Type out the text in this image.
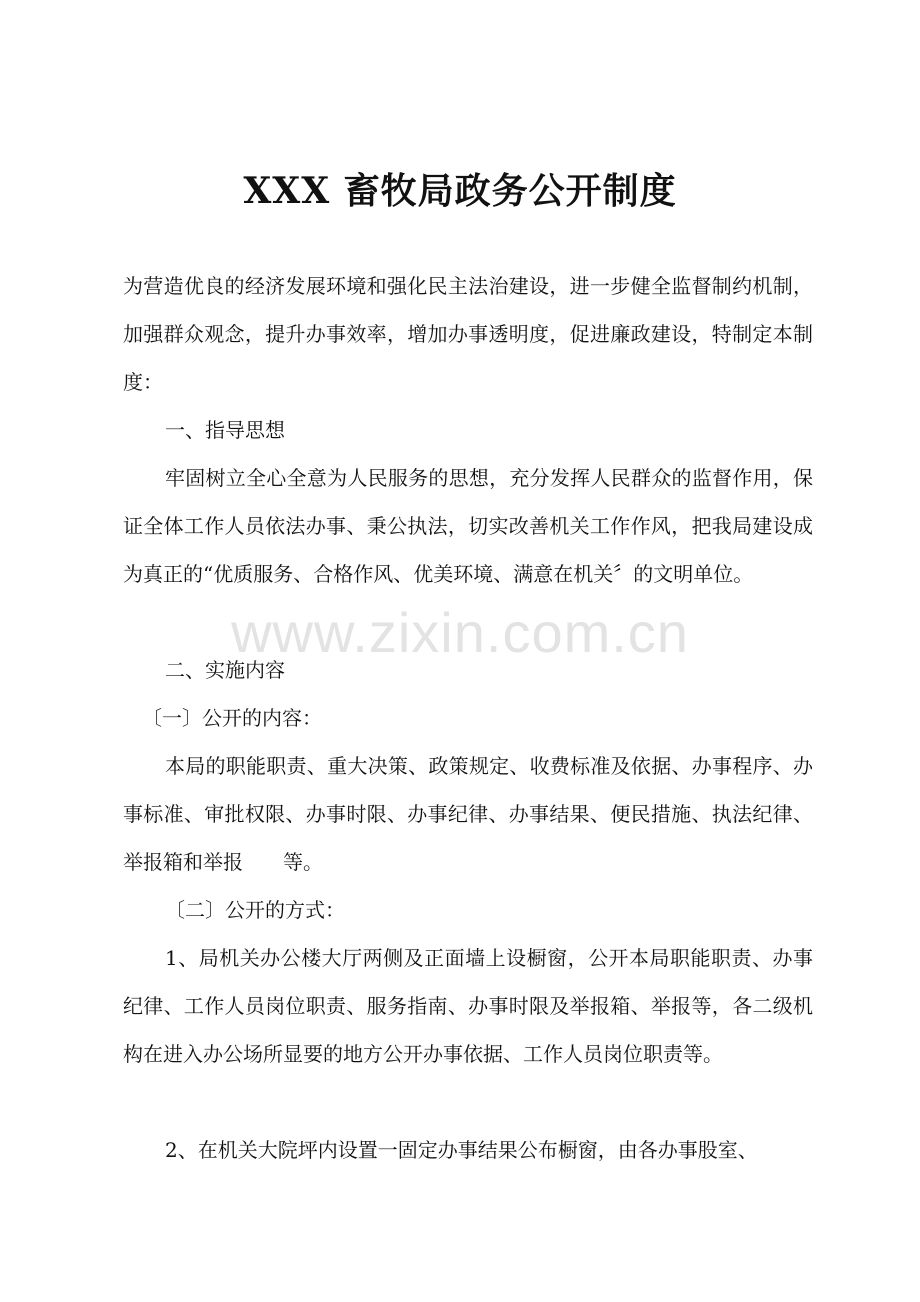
www.zixin.com.cn
XXX 畜牧局政务公开制度
为营造优良的经济发展环境和强化民主法治建设，进一步健全监督制约机制，加强群众观念，提升办事效率，增加办事透明度，促进廉政建设，特制定本制度：
一、指导思想
牢固树立全心全意为人民服务的思想，充分发挥人民群众的监督作用，保证全体工作人员依法办事、秉公执法，切实改善机关工作作风，把我局建设成为真正的“优质服务、合格作风、优美环境、满意在机关〞的文明单位。
二、实施内容
〔一〕公开的内容：
本局的职能职责、重大决策、政策规定、收费标准及依据、办事程序、办事标准、审批权限、办事时限、办事纪律、办事结果、便民措施、执法纪律、举报箱和举报　　等。
〔二〕公开的方式：
1、局机关办公楼大厅两侧及正面墙上设橱窗，公开本局职能职责、办事纪律、工作人员岗位职责、服务指南、办事时限及举报箱、举报等，各二级机构在进入办公场所显要的地方公开办事依据、工作人员岗位职责等。
2、在机关大院坪内设置一固定办事结果公布橱窗，由各办事股室、
